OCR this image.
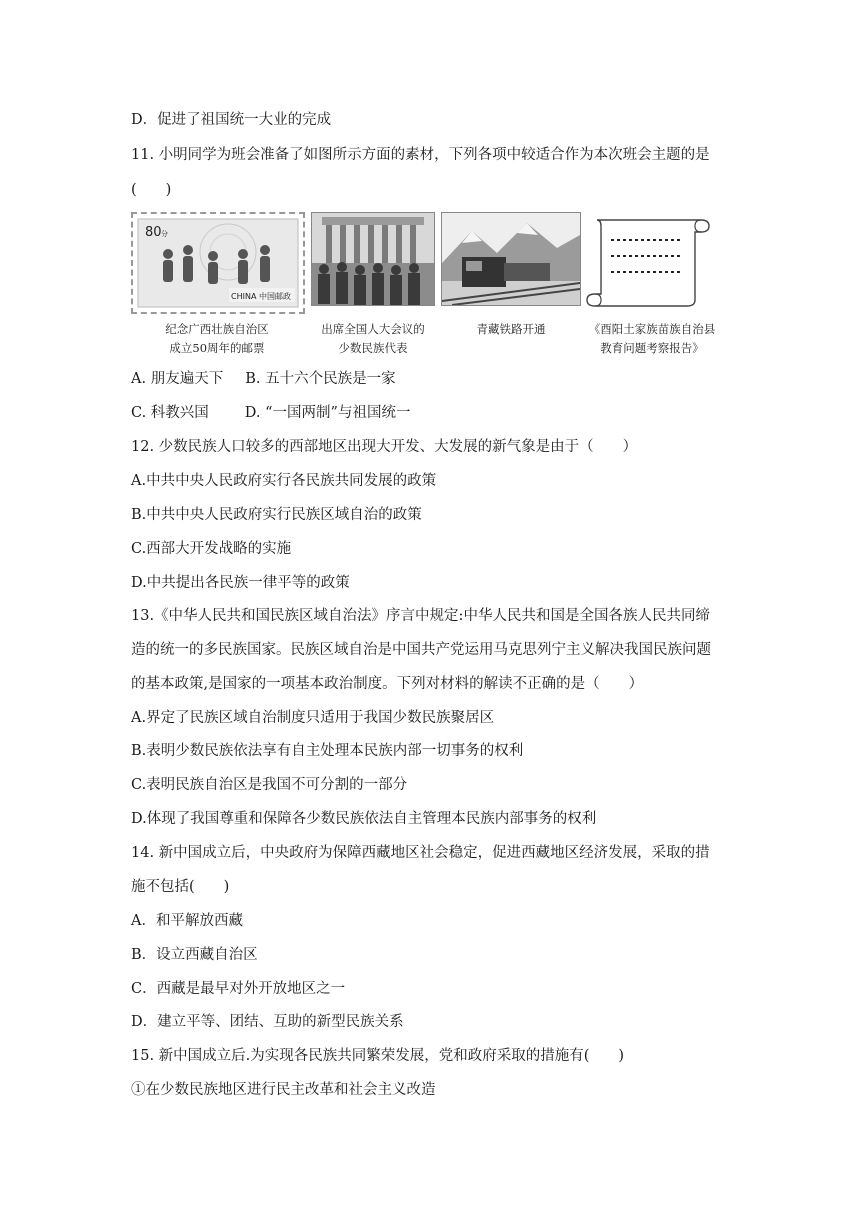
D．促进了祖国统一大业的完成
11. 小明同学为班会准备了如图所示方面的素材，下列各项中较适合作为本次班会主题的是
(　　)
80 分
CHINA 中国邮政
纪念广西壮族自治区
成立50周年的邮票
出席全国人大会议的
少数民族代表
青藏铁路开通	《酉阳土家族苗族自治县
教育问题考察报告》
A. 朋友遍天下 B. 五十六个民族是一家
C. 科教兴国 D. “一国两制”与祖国统一
12. 少数民族人口较多的西部地区出现大开发、大发展的新气象是由于（　　）
A.中共中央人民政府实行各民族共同发展的政策
B.中共中央人民政府实行民族区域自治的政策
C.西部大开发战略的实施
D.中共提出各民族一律平等的政策
13.《中华人民共和国民族区域自治法》序言中规定:中华人民共和国是全国各族人民共同缔
造的统一的多民族国家。民族区域自治是中国共产党运用马克思列宁主义解决我国民族问题
的基本政策,是国家的一项基本政治制度。下列对材料的解读不正确的是（　　）
A.界定了民族区域自治制度只适用于我国少数民族聚居区
B.表明少数民族依法享有自主处理本民族内部一切事务的权利
C.表明民族自治区是我国不可分割的一部分
D.体现了我国尊重和保障各少数民族依法自主管理本民族内部事务的权利
14. 新中国成立后，中央政府为保障西藏地区社会稳定，促进西藏地区经济发展，采取的措
施不包括(　　)
A．和平解放西藏
B．设立西藏自治区
C．西藏是最早对外开放地区之一
D．建立平等、团结、互助的新型民族关系
15. 新中国成立后.为实现各民族共同繁荣发展，党和政府采取的措施有(　　)
①在少数民族地区进行民主改革和社会主义改造
